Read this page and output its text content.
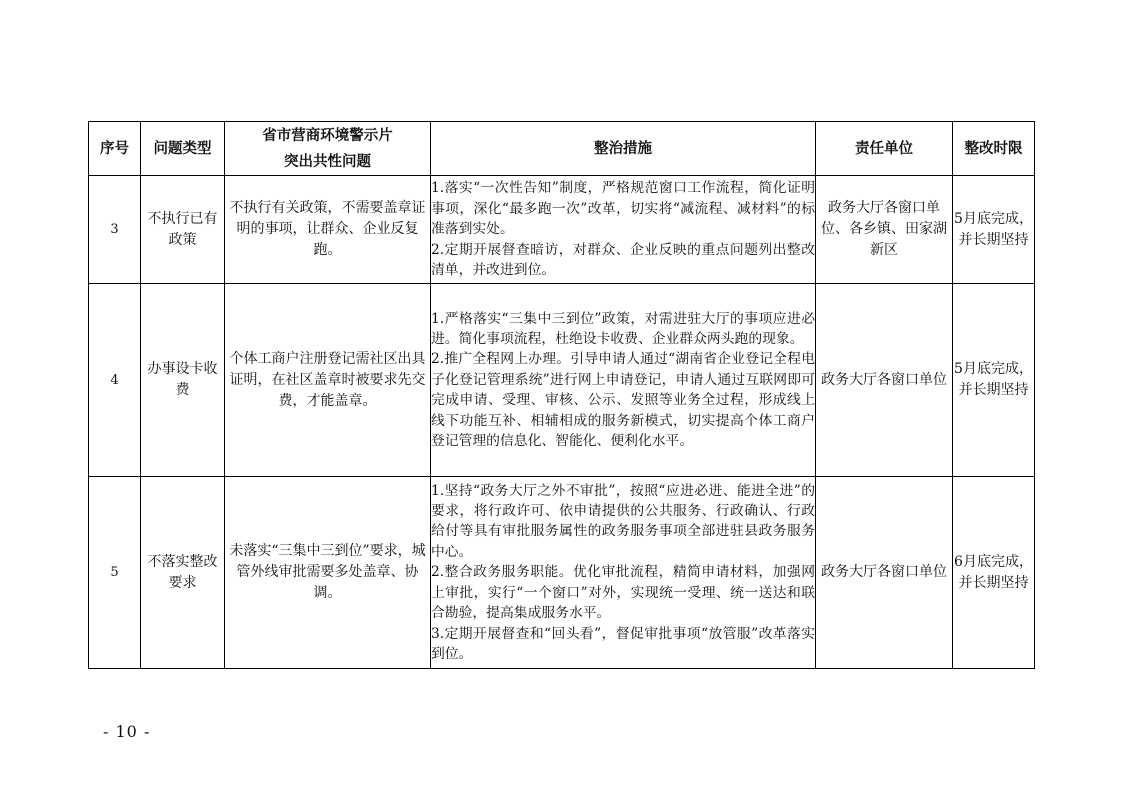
序号	问题类型	省市营商环境警示片
突出共性问题	整治措施	责任单位	整改时限
3	不执行已有政策	不执行有关政策，不需要盖章证明的事项，让群众、企业反复跑。	1.落实“一次性告知”制度，严格规范窗口工作流程，简化证明事项，深化“最多跑一次”改革，切实将“减流程、减材料”的标准落到实处。
2.定期开展督查暗访，对群众、企业反映的重点问题列出整改清单，并改进到位。	政务大厅各窗口单位、各乡镇、田家湖新区	5月底完成，并长期坚持
4	办事设卡收费	个体工商户注册登记需社区出具证明，在社区盖章时被要求先交费，才能盖章。	1.严格落实“三集中三到位”政策，对需进驻大厅的事项应进必进。简化事项流程，杜绝设卡收费、企业群众两头跑的现象。
2.推广全程网上办理。引导申请人通过“湖南省企业登记全程电子化登记管理系统”进行网上申请登记，申请人通过互联网即可完成申请、受理、审核、公示、发照等业务全过程，形成线上线下功能互补、相辅相成的服务新模式，切实提高个体工商户登记管理的信息化、智能化、便利化水平。	政务大厅各窗口单位	5月底完成，并长期坚持
5	不落实整改要求	未落实“三集中三到位”要求，城管外线审批需要多处盖章、协调。	1.坚持“政务大厅之外不审批”，按照“应进必进、能进全进”的要求，将行政许可、依申请提供的公共服务、行政确认、行政给付等具有审批服务属性的政务服务事项全部进驻县政务服务中心。
2.整合政务服务职能。优化审批流程，精简申请材料，加强网上审批，实行“一个窗口”对外，实现统一受理、统一送达和联合勘验，提高集成服务水平。
3.定期开展督查和“回头看”，督促审批事项“放管服”改革落实到位。	政务大厅各窗口单位	6月底完成，并长期坚持
- 10 -
